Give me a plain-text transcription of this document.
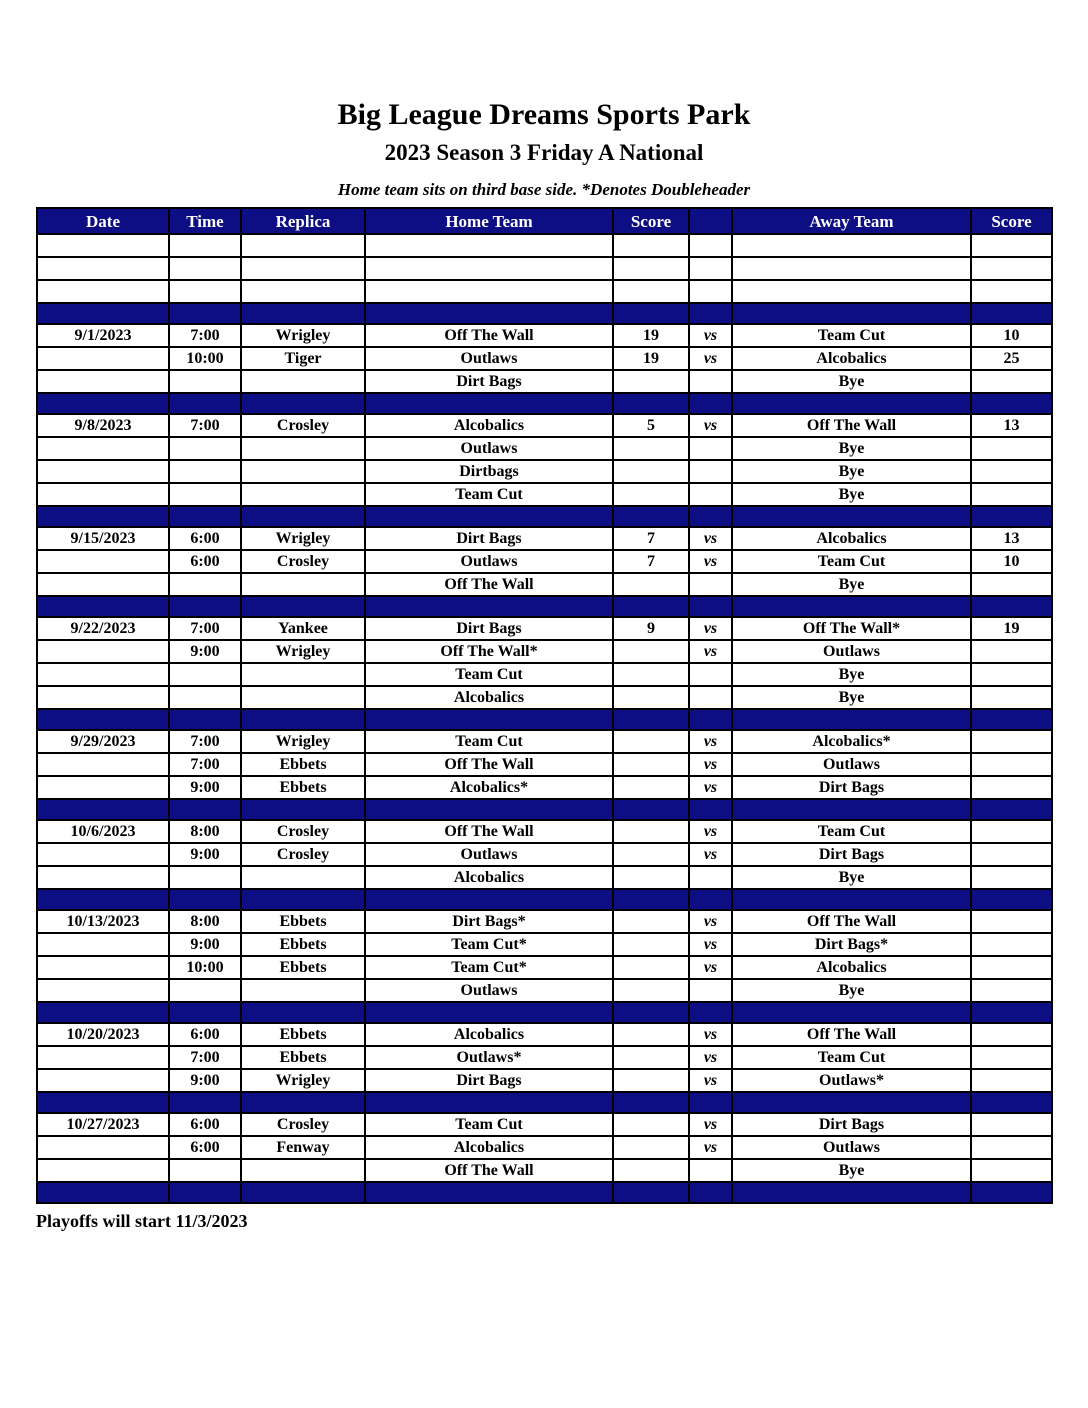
Big League Dreams Sports Park
2023 Season 3 Friday A National
Home team sits on third base side. *Denotes Doubleheader
Date	Time	Replica	Home Team	Score		Away Team	Score

9/1/2023	7:00	Wrigley	Off The Wall	19	vs	Team Cut	10
	10:00	Tiger	Outlaws	19	vs	Alcobalics	25
			Dirt Bags			Bye	

9/8/2023	7:00	Crosley	Alcobalics	5	vs	Off The Wall	13
			Outlaws			Bye	
			Dirtbags			Bye	
			Team Cut			Bye	

9/15/2023	6:00	Wrigley	Dirt Bags	7	vs	Alcobalics	13
	6:00	Crosley	Outlaws	7	vs	Team Cut	10
			Off The Wall			Bye	

9/22/2023	7:00	Yankee	Dirt Bags	9	vs	Off The Wall*	19
	9:00	Wrigley	Off The Wall*		vs	Outlaws	
			Team Cut			Bye	
			Alcobalics			Bye	

9/29/2023	7:00	Wrigley	Team Cut		vs	Alcobalics*	
	7:00	Ebbets	Off The Wall		vs	Outlaws	
	9:00	Ebbets	Alcobalics*		vs	Dirt Bags	

10/6/2023	8:00	Crosley	Off The Wall		vs	Team Cut	
	9:00	Crosley	Outlaws		vs	Dirt Bags	
			Alcobalics			Bye	

10/13/2023	8:00	Ebbets	Dirt Bags*		vs	Off The Wall	
	9:00	Ebbets	Team Cut*		vs	Dirt Bags*	
	10:00	Ebbets	Team Cut*		vs	Alcobalics	
			Outlaws			Bye	

10/20/2023	6:00	Ebbets	Alcobalics		vs	Off The Wall	
	7:00	Ebbets	Outlaws*		vs	Team Cut	
	9:00	Wrigley	Dirt Bags		vs	Outlaws*	

10/27/2023	6:00	Crosley	Team Cut		vs	Dirt Bags	
	6:00	Fenway	Alcobalics		vs	Outlaws	
			Off The Wall			Bye	

Playoffs will start 11/3/2023
